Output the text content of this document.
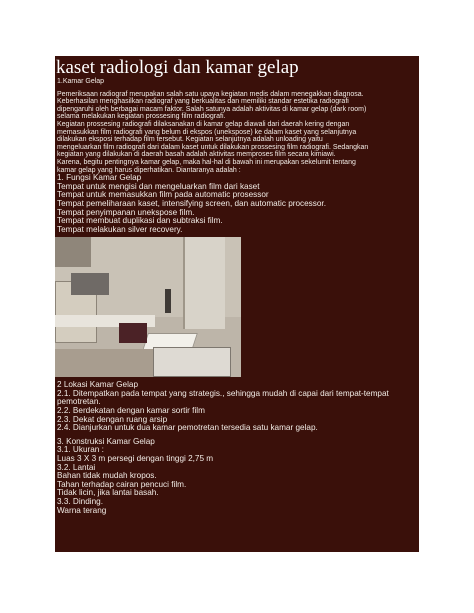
kaset radiologi dan kamar gelap
1.Kamar Gelap
Pemeriksaan radiograf merupakan salah satu upaya kegiatan medis dalam menegakkan diagnosa.
Keberhasilan menghasilkan radiograf yang berkualitas dan memiliki standar estetika radiografi
dipengaruhi oleh berbagai macam faktor. Salah satunya adalah aktivitas di kamar gelap (dark room)
selama melakukan kegiatan prossesing film radiografi.
Kegiatan prossesing radiografi dilaksanakan di kamar gelap diawali dari daerah kering dengan
memasukkan film radiografi yang belum di ekspos (unekspose) ke dalam kaset yang selanjutnya
dilakukan eksposi terhadap film tersebut. Kegiatan selanjutnya adalah unloading yaitu
mengeluarkan film radiografi dari dalam kaset untuk dilakukan prossesing film radiografi. Sedangkan
kegiatan yang dilakukan di daerah basah adalah aktivitas memproses film secara kimiawi.
Karena, begitu pentingnya kamar gelap, maka hal-hal di bawah ini merupakan sekelumit tentang
kamar gelap yang harus diperhatikan. Diantaranya adalah :
1. Fungsi Kamar Gelap
Tempat untuk mengisi dan mengeluarkan film dari kaset
Tempat untuk memasukkan film pada automatic prosessor
Tempat pemeliharaan kaset, intensifying screen, dan automatic processor.
Tempat penyimpanan unekspose film.
Tempat membuat duplikasi dan subtraksi film.
Tempat melakukan silver recovery.
2 Lokasi Kamar Gelap
2.1. Ditempatkan pada tempat yang strategis., sehingga mudah di capai dari tempat-tempat
pemotretan.
2.2. Berdekatan dengan kamar sortir film
2.3. Dekat dengan ruang arsip
2.4. Dianjurkan untuk dua kamar pemotretan tersedia satu kamar gelap.
3. Konstruksi Kamar Gelap
3.1. Ukuran :
Luas 3 X 3 m persegi dengan tinggi 2,75 m
3.2. Lantai
Bahan tidak mudah kropos.
Tahan terhadap cairan pencuci film.
Tidak licin, jika lantai basah.
3.3. Dinding.
Warna terang
